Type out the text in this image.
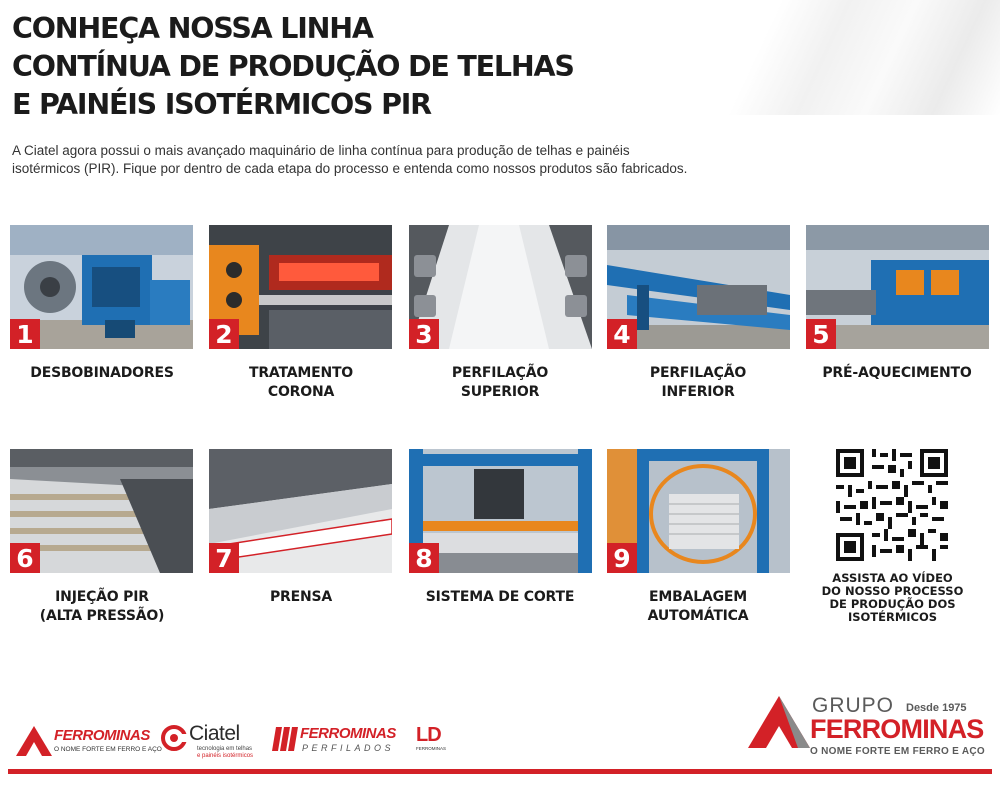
CONHEÇA NOSSA LINHA
CONTÍNUA DE PRODUÇÃO DE TELHAS
E PAINÉIS ISOTÉRMICOS PIR

A Ciatel agora possui o mais avançado maquinário de linha contínua para produção de telhas e painéis
isotérmicos (PIR). Fique por dentro de cada etapa do processo e entenda como nossos produtos são fabricados.

1
DESBOBINADORES
2
TRATAMENTO
CORONA
3
PERFILAÇÃO
SUPERIOR
4
PERFILAÇÃO
INFERIOR
5
PRÉ-AQUECIMENTO
6
INJEÇÃO PIR
(ALTA PRESSÃO)
7
PRENSA
8
SISTEMA DE CORTE
9
EMBALAGEM
AUTOMÁTICA
ASSISTA AO VÍDEO
DO NOSSO PROCESSO
DE PRODUÇÃO DOS
ISOTÉRMICOS
FERROMINAS
O NOME FORTE EM FERRO E AÇO
Ciatel
tecnologia em telhas
e painéis isotérmicos
FERROMINAS
PERFILADOS
LD
FERROMINAS
GRUPO Desde 1975
FERROMINAS
O NOME FORTE EM FERRO E AÇO
